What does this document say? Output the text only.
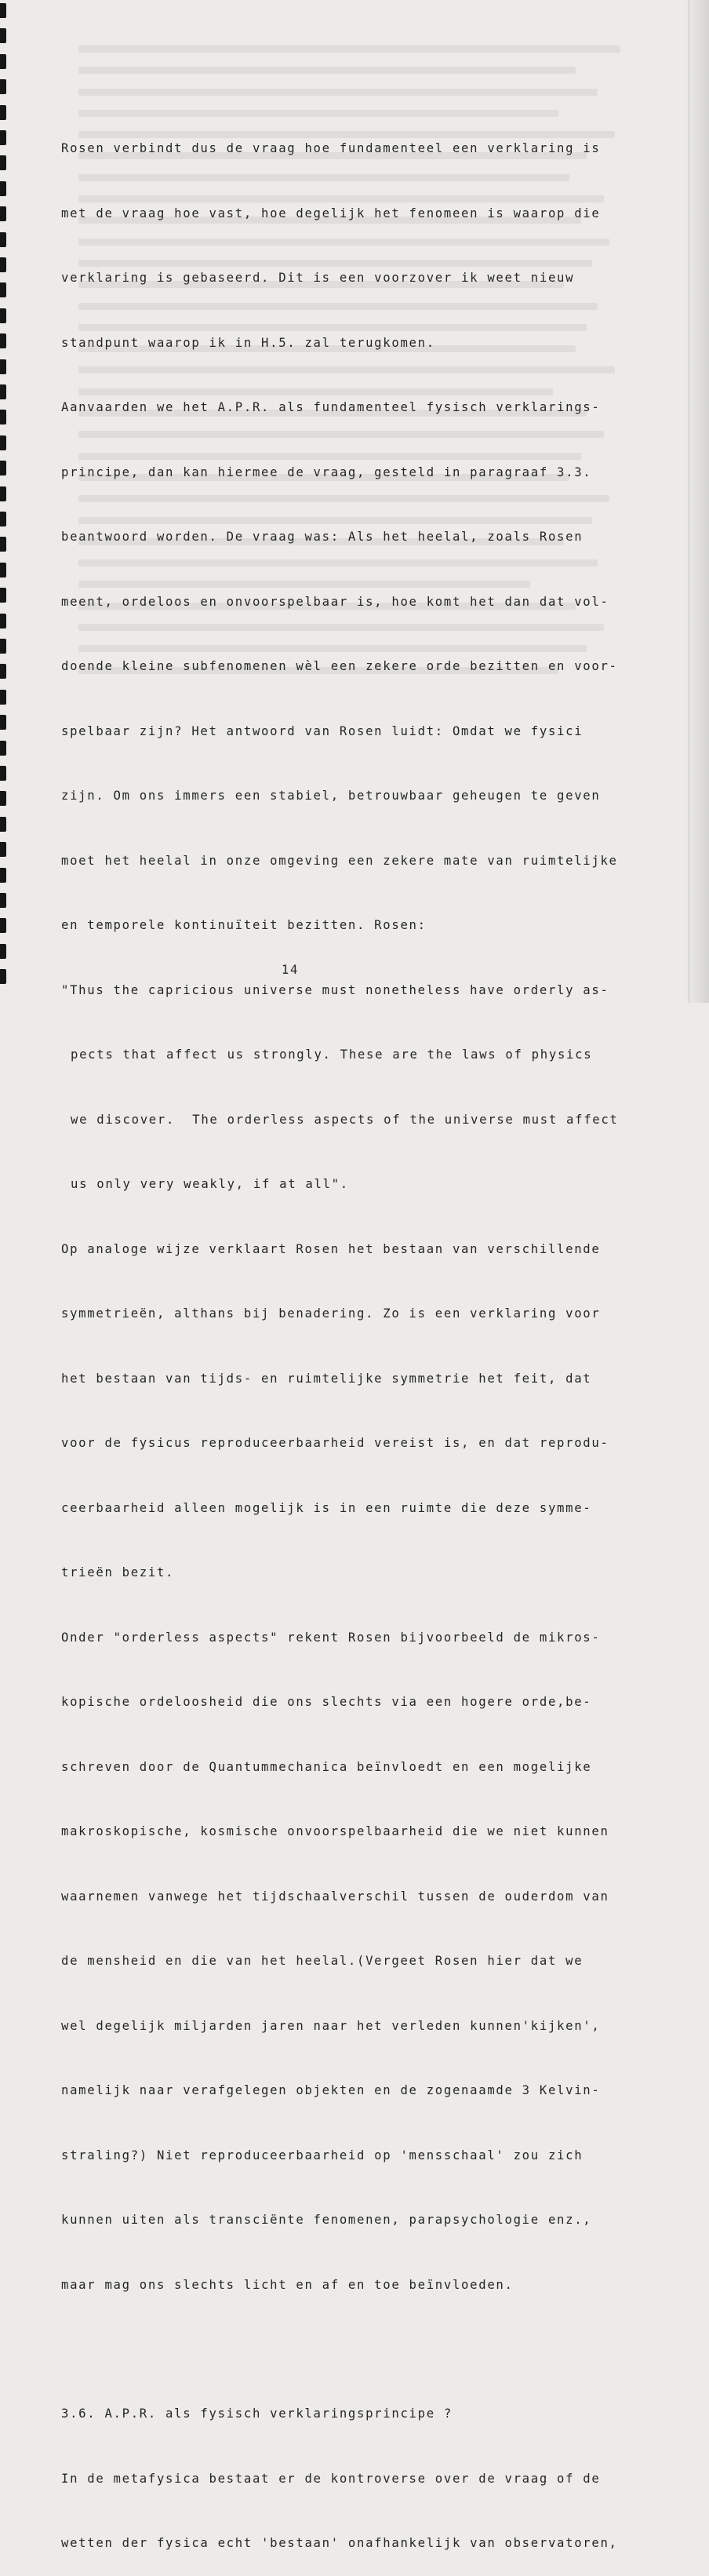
Rosen verbindt dus de vraag hoe fundamenteel een verklaring is

met de vraag hoe vast, hoe degelijk het fenomeen is waarop die

verklaring is gebaseerd. Dit is een voorzover ik weet nieuw

standpunt waarop ik in H.5. zal terugkomen.

Aanvaarden we het A.P.R. als fundamenteel fysisch verklarings-

principe, dan kan hiermee de vraag, gesteld in paragraaf 3.3.

beantwoord worden. De vraag was: Als het heelal, zoals Rosen

meent, ordeloos en onvoorspelbaar is, hoe komt het dan dat vol-

doende kleine subfenomenen wèl een zekere orde bezitten en voor-

spelbaar zijn? Het antwoord van Rosen luidt: Omdat we fysici

zijn. Om ons immers een stabiel, betrouwbaar geheugen te geven

moet het heelal in onze omgeving een zekere mate van ruimtelijke

en temporele kontinuïteit bezitten. Rosen:

"Thus the capricious universe must nonetheless have orderly as-

pects that affect us strongly. These are the laws of physics

we discover.  The orderless aspects of the universe must affect

us only very weakly, if at all".

Op analoge wijze verklaart Rosen het bestaan van verschillende

symmetrieën, althans bij benadering. Zo is een verklaring voor

het bestaan van tijds- en ruimtelijke symmetrie het feit, dat

voor de fysicus reproduceerbaarheid vereist is, en dat reprodu-

ceerbaarheid alleen mogelijk is in een ruimte die deze symme-

trieën bezit.

Onder "orderless aspects" rekent Rosen bijvoorbeeld de mikros-

kopische ordeloosheid die ons slechts via een hogere orde,be-

schreven door de Quantummechanica beïnvloedt en een mogelijke

makroskopische, kosmische onvoorspelbaarheid die we niet kunnen

waarnemen vanwege het tijdschaalverschil tussen de ouderdom van

de mensheid en die van het heelal.(Vergeet Rosen hier dat we

wel degelijk miljarden jaren naar het verleden kunnen'kijken',

namelijk naar verafgelegen objekten en de zogenaamde 3 Kelvin-

straling?) Niet reproduceerbaarheid op 'mensschaal' zou zich

kunnen uiten als transciënte fenomenen, parapsychologie enz.,

maar mag ons slechts licht en af en toe beïnvloeden.

3.6. A.P.R. als fysisch verklaringsprincipe ?

In de metafysica bestaat er de kontroverse over de vraag of de

wetten der fysica echt 'bestaan' onafhankelijk van observatoren,

14
